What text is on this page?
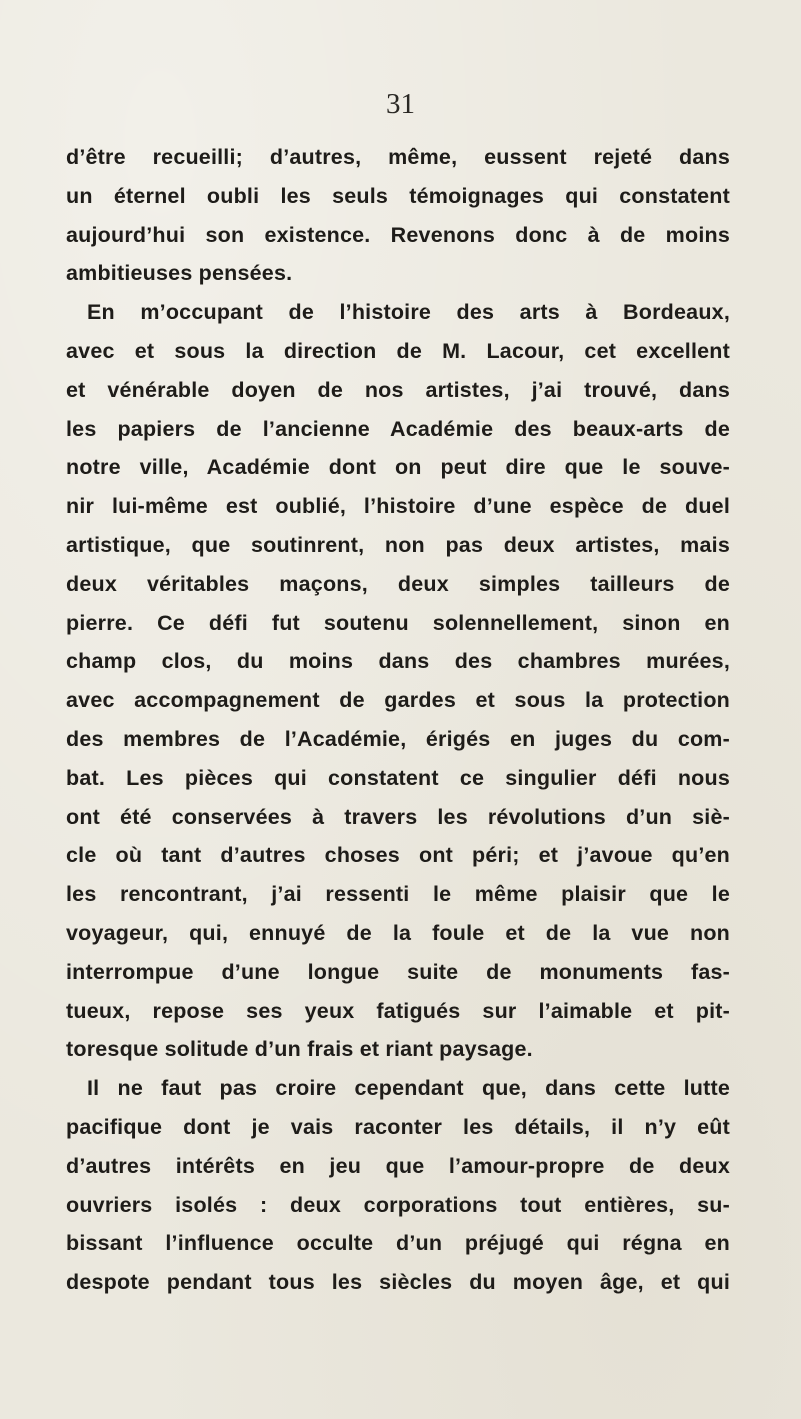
31
d’être recueilli; d’autres, même, eussent rejeté dans
un éternel oubli les seuls témoignages qui constatent
aujourd’hui son existence. Revenons donc à de moins
ambitieuses pensées.
En m’occupant de l’histoire des arts à Bordeaux,
avec et sous la direction de M. Lacour, cet excellent
et vénérable doyen de nos artistes, j’ai trouvé, dans
les papiers de l’ancienne Académie des beaux-arts de
notre ville, Académie dont on peut dire que le souve-
nir lui-même est oublié, l’histoire d’une espèce de duel
artistique, que soutinrent, non pas deux artistes, mais
deux véritables maçons, deux simples tailleurs de
pierre. Ce défi fut soutenu solennellement, sinon en
champ clos, du moins dans des chambres murées,
avec accompagnement de gardes et sous la protection
des membres de l’Académie, érigés en juges du com-
bat. Les pièces qui constatent ce singulier défi nous
ont été conservées à travers les révolutions d’un siè-
cle où tant d’autres choses ont péri; et j’avoue qu’en
les rencontrant, j’ai ressenti le même plaisir que le
voyageur, qui, ennuyé de la foule et de la vue non
interrompue d’une longue suite de monuments fas-
tueux, repose ses yeux fatigués sur l’aimable et pit-
toresque solitude d’un frais et riant paysage.
Il ne faut pas croire cependant que, dans cette lutte
pacifique dont je vais raconter les détails, il n’y eût
d’autres intérêts en jeu que l’amour-propre de deux
ouvriers isolés : deux corporations tout entières, su-
bissant l’influence occulte d’un préjugé qui régna en
despote pendant tous les siècles du moyen âge, et qui
